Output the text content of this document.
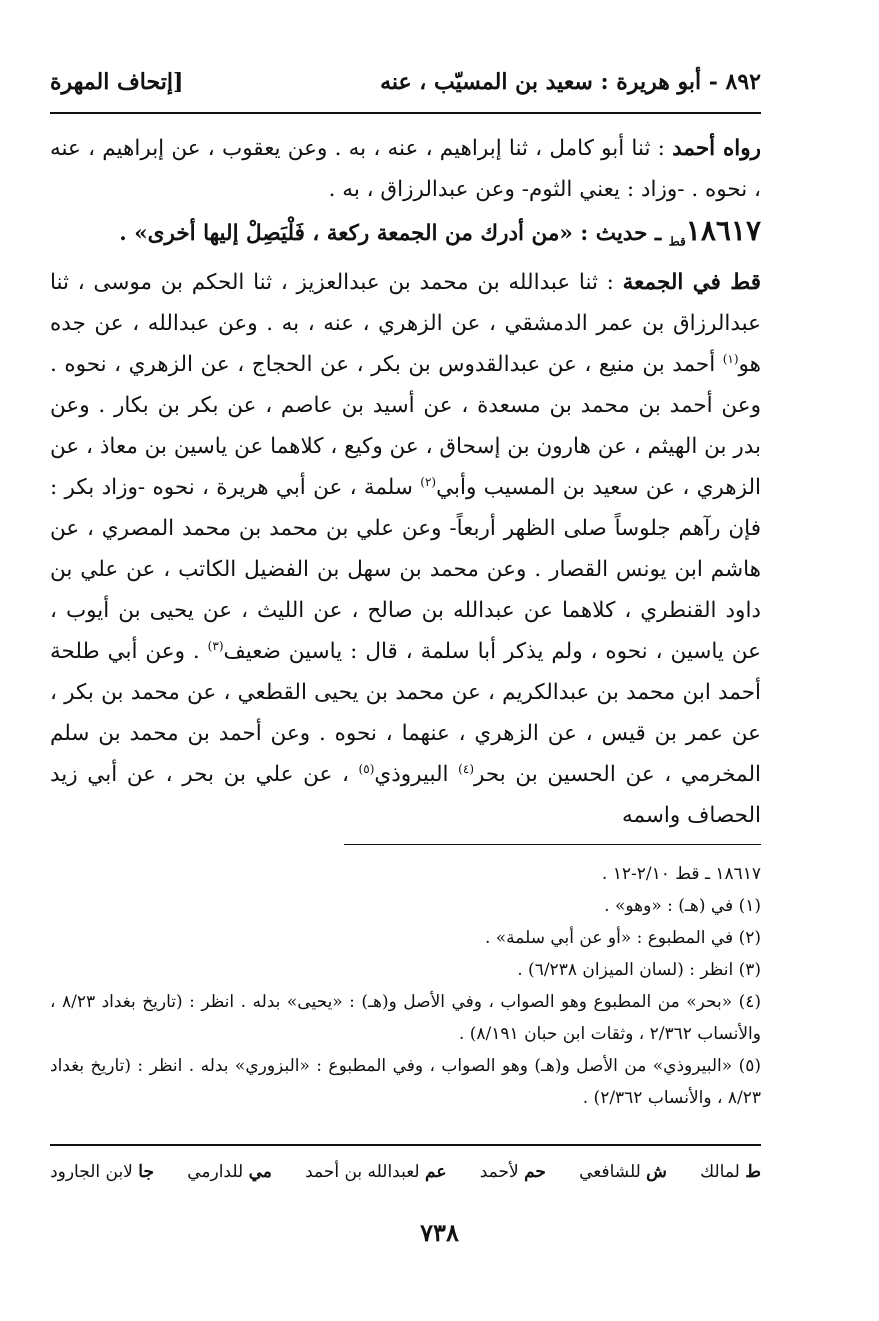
٨٩٢ - أبو هريرة : سعيد بن المسيّب ، عنه
[إتحاف المهرة

رواه أحمد : ثنا أبو كامل ، ثنا إبراهيم ، عنه ، به . وعن يعقوب ، عن إبراهيم ، عنه ، نحوه . -وزاد : يعني الثوم- وعن عبدالرزاق ، به .

$١٨٦١٧_{قط}$ ـ حديث : «من أدرك من الجمعة ركعة ، فَلْيَصِلْ إليها أخرى» .

قط في الجمعة : ثنا عبدالله بن محمد بن عبدالعزيز ، ثنا الحكم بن موسى ، ثنا عبدالرزاق بن عمر الدمشقي ، عن الزهري ، عنه ، به . وعن عبدالله ، عن جده هو$^{(١)}$ أحمد بن منيع ، عن عبدالقدوس بن بكر ، عن الحجاج ، عن الزهري ، نحوه . وعن أحمد بن محمد بن مسعدة ، عن أسيد بن عاصم ، عن بكر بن بكار . وعن بدر بن الهيثم ، عن هارون بن إسحاق ، عن وكيع ، كلاهما عن ياسين بن معاذ ، عن الزهري ، عن سعيد بن المسيب وأبي$^{(٢)}$ سلمة ، عن أبي هريرة ، نحوه -وزاد بكر : فإن رآهم جلوساً صلى الظهر أربعاً- وعن علي بن محمد بن محمد المصري ، عن هاشم ابن يونس القصار . وعن محمد بن سهل بن الفضيل الكاتب ، عن علي بن داود القنطري ، كلاهما عن عبدالله بن صالح ، عن الليث ، عن يحيى بن أيوب ، عن ياسين ، نحوه ، ولم يذكر أبا سلمة ، قال : ياسين ضعيف$^{(٣)}$ . وعن أبي طلحة أحمد ابن محمد بن عبدالكريم ، عن محمد بن يحيى القطعي ، عن محمد بن بكر ، عن عمر بن قيس ، عن الزهري ، عنهما ، نحوه . وعن أحمد بن محمد بن سلم المخرمي ، عن الحسين بن بحر$^{(٤)}$ البيروذي$^{(٥)}$ ، عن علي بن بحر ، عن أبي زيد الحصاف واسمه

١٨٦١٧ ـ قط ٢/١٠-١٢ .

(١) في (هـ) : «وهو» .

(٢) في المطبوع : «أو عن أبي سلمة» .

(٣) انظر : (لسان الميزان ٦/٢٣٨) .

(٤) «بحر» من المطبوع وهو الصواب ، وفي الأصل و(هـ) : «يحيى» بدله . انظر : (تاريخ بغداد ٨/٢٣ ، والأنساب ٢/٣٦٢ ، وثقات ابن حبان ٨/١٩١) .

(٥) «البيروذي» من الأصل و(هـ) وهو الصواب ، وفي المطبوع : «البزوري» بدله . انظر : (تاريخ بغداد ٨/٢٣ ، والأنساب ٢/٣٦٢) .

ط لمالك
ش للشافعي
حم لأحمد
عم لعبدالله بن أحمد
مي للدارمي
جا لابن الجارود
٧٣٨
